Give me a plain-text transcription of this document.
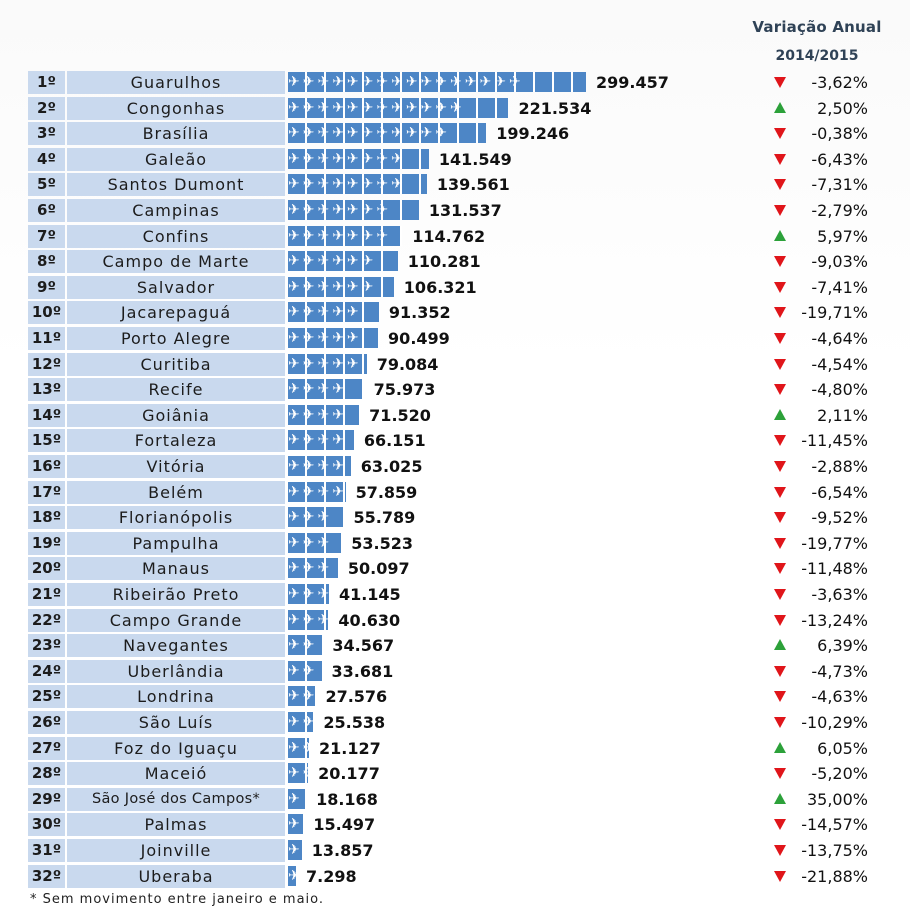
Variação Anual
2014/2015
1º	Guarulhos	✈✈✈✈✈✈✈✈✈✈✈✈✈✈✈✈	299.457	-3,62%
2º	Congonhas	✈✈✈✈✈✈✈✈✈✈✈✈	221.534	2,50%
3º	Brasília	✈✈✈✈✈✈✈✈✈✈✈	199.246	-0,38%
4º	Galeão	✈✈✈✈✈✈✈✈	141.549	-6,43%
5º	Santos Dumont	✈✈✈✈✈✈✈✈	139.561	-7,31%
6º	Campinas	✈✈✈✈✈✈✈	131.537	-2,79%
7º	Confins	✈✈✈✈✈✈✈	114.762	5,97%
8º	Campo de Marte	✈✈✈✈✈✈	110.281	-9,03%
9º	Salvador	✈✈✈✈✈✈	106.321	-7,41%
10º	Jacarepaguá	✈✈✈✈✈	91.352	-19,71%
11º	Porto Alegre	✈✈✈✈✈	90.499	-4,64%
12º	Curitiba	✈✈✈✈✈ 79.084	-4,54%
13º	Recife	✈✈✈✈	75.973	-4,80%
14º	Goiânia	✈✈✈✈	71.520	2,11%
15º	Fortaleza	✈✈✈✈	66.151	-11,45%
16º	Vitória	✈✈✈✈ 63.025	-2,88%
17º	Belém	✈✈✈✈ 57.859	-6,54%
18º	Florianópolis	✈✈✈	55.789	-9,52%
19º	Pampulha	✈✈✈	53.523	-19,77%
20º	Manaus	✈✈✈ 50.097	-11,48%
21º	Ribeirão Preto	✈✈✈ 41.145	-3,63%
22º	Campo Grande	✈✈✈ 40.630	-13,24%
23º	Navegantes	✈✈ 34.567	6,39%
24º	Uberlândia	✈✈ 33.681	-4,73%
25º	Londrina	✈✈ 27.576	-4,63%
26º	São Luís	✈✈ 25.538	-10,29%
27º	Foz do Iguaçu	✈✈ 21.127	6,05%
28º	Maceió	✈✈ 20.177	-5,20%
29º	São José dos Campos*	✈ 18.168	35,00%
30º	Palmas	✈ 15.497	-14,57%
31º	Joinville	✈ 13.857	-13,75%
32º	Uberaba	✈ 7.298	-21,88%
* Sem movimento entre janeiro e maio.
